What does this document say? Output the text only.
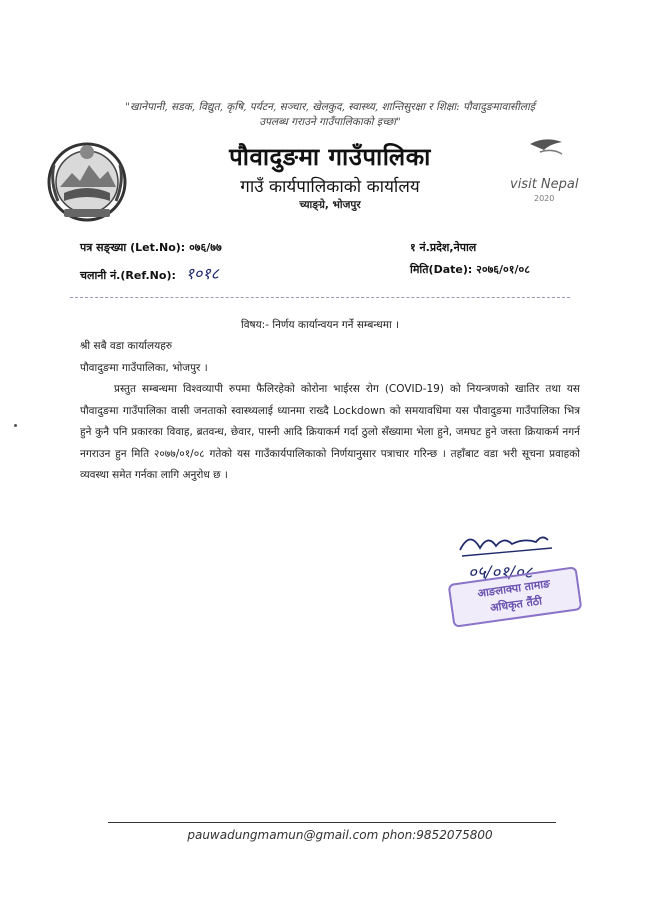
"खानेपानी, सडक, विद्युत, कृषि, पर्यटन, सञ्चार, खेलकुद, स्वास्थ्य, शान्तिसुरक्षा र शिक्षा: पौवादुङमावासीलाई
उपलब्ध गराउने गाउँपालिकाको इच्छा"
पौवादुङमा गाउँपालिका
गाउँ कार्यपालिकाको कार्यालय
च्याङ्ग्रे, भोजपुर
visit Nepal
2020
पत्र सङ्ख्या (Let.No): ०७६/७७
चलानी नं.(Ref.No): १०१८
१ नं.प्रदेश,नेपाल
मिति(Date): २०७६/०१/०८
विषय:- निर्णय कार्यान्वयन गर्ने सम्बन्धमा ।
श्री सबै वडा कार्यालयहरु
पौवादुङमा गाउँपालिका, भोजपुर ।

प्रस्तुत सम्बन्धमा विश्वव्यापी रुपमा फैलिरहेको कोरोना भाईरस रोग (COVID-19) को नियन्त्रणको खातिर तथा यस पौवादुङमा गाउँपालिका वासी जनताको स्वास्थ्यलाई ध्यानमा राख्दै Lockdown को समयावधिमा यस पौवादुङमा गाउँपालिका भित्र हुने कुनै पनि प्रकारका विवाह, ब्रतवन्ध, छेवार, पास्नी आदि क्रियाकर्म गर्दा ठुलो सँख्यामा भेला हुने, जमघट हुने जस्ता क्रियाकर्म नगर्न नगराउन हुन मिति २०७७/०१/०८ गतेको यस गाउँकार्यपालिकाको निर्णयानुसार पत्राचार गरिन्छ । तहाँबाट वडा भरी सूचना प्रवाहको व्यवस्था समेत गर्नका लागि अनुरोध छ ।

०५/०१/०८
आङलाक्पा तामाङ
अधिकृत तैंठी
pauwadungmamun@gmail.com phon:9852075800
